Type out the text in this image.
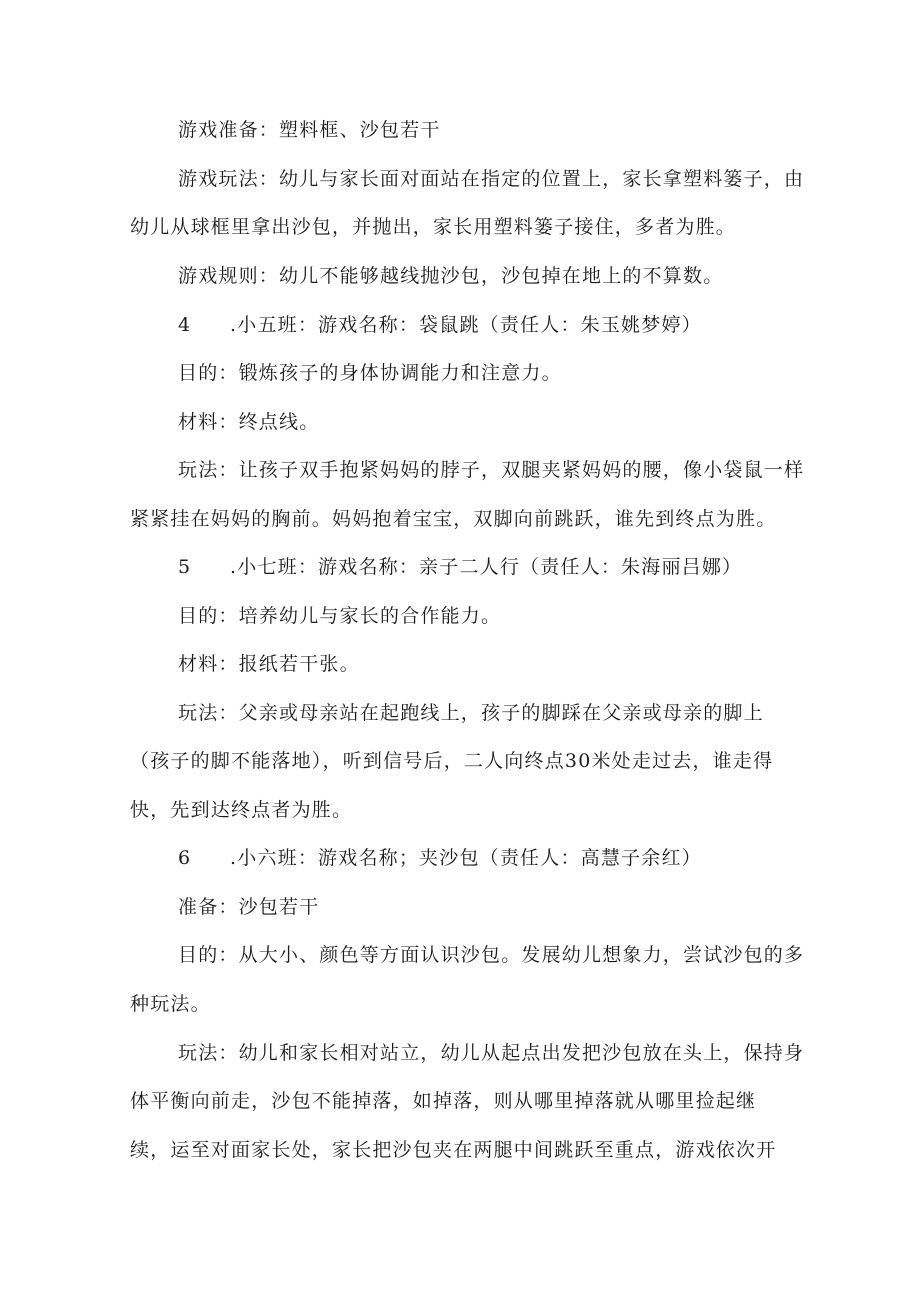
游戏准备：塑料框、沙包若干
游戏玩法：幼儿与家长面对面站在指定的位置上，家长拿塑料篓子，由
幼儿从球框里拿出沙包，并抛出，家长用塑料篓子接住，多者为胜。
游戏规则：幼儿不能够越线抛沙包，沙包掉在地上的不算数。
4 .小五班：游戏名称：袋鼠跳（责任人：朱玉姚梦婷）
目的：锻炼孩子的身体协调能力和注意力。
材料：终点线。
玩法：让孩子双手抱紧妈妈的脖子，双腿夹紧妈妈的腰，像小袋鼠一样
紧紧挂在妈妈的胸前。妈妈抱着宝宝，双脚向前跳跃，谁先到终点为胜。
5 .小七班：游戏名称：亲子二人行（责任人：朱海丽吕娜）
目的：培养幼儿与家长的合作能力。
材料：报纸若干张。
玩法：父亲或母亲站在起跑线上，孩子的脚踩在父亲或母亲的脚上
（孩子的脚不能落地），听到信号后，二人向终点30米处走过去，谁走得
快，先到达终点者为胜。
6 .小六班：游戏名称；夹沙包（责任人：高慧子余红）
准备：沙包若干
目的：从大小、颜色等方面认识沙包。发展幼儿想象力，尝试沙包的多
种玩法。
玩法：幼儿和家长相对站立，幼儿从起点出发把沙包放在头上，保持身
体平衡向前走，沙包不能掉落，如掉落，则从哪里掉落就从哪里捡起继
续，运至对面家长处，家长把沙包夹在两腿中间跳跃至重点，游戏依次开
